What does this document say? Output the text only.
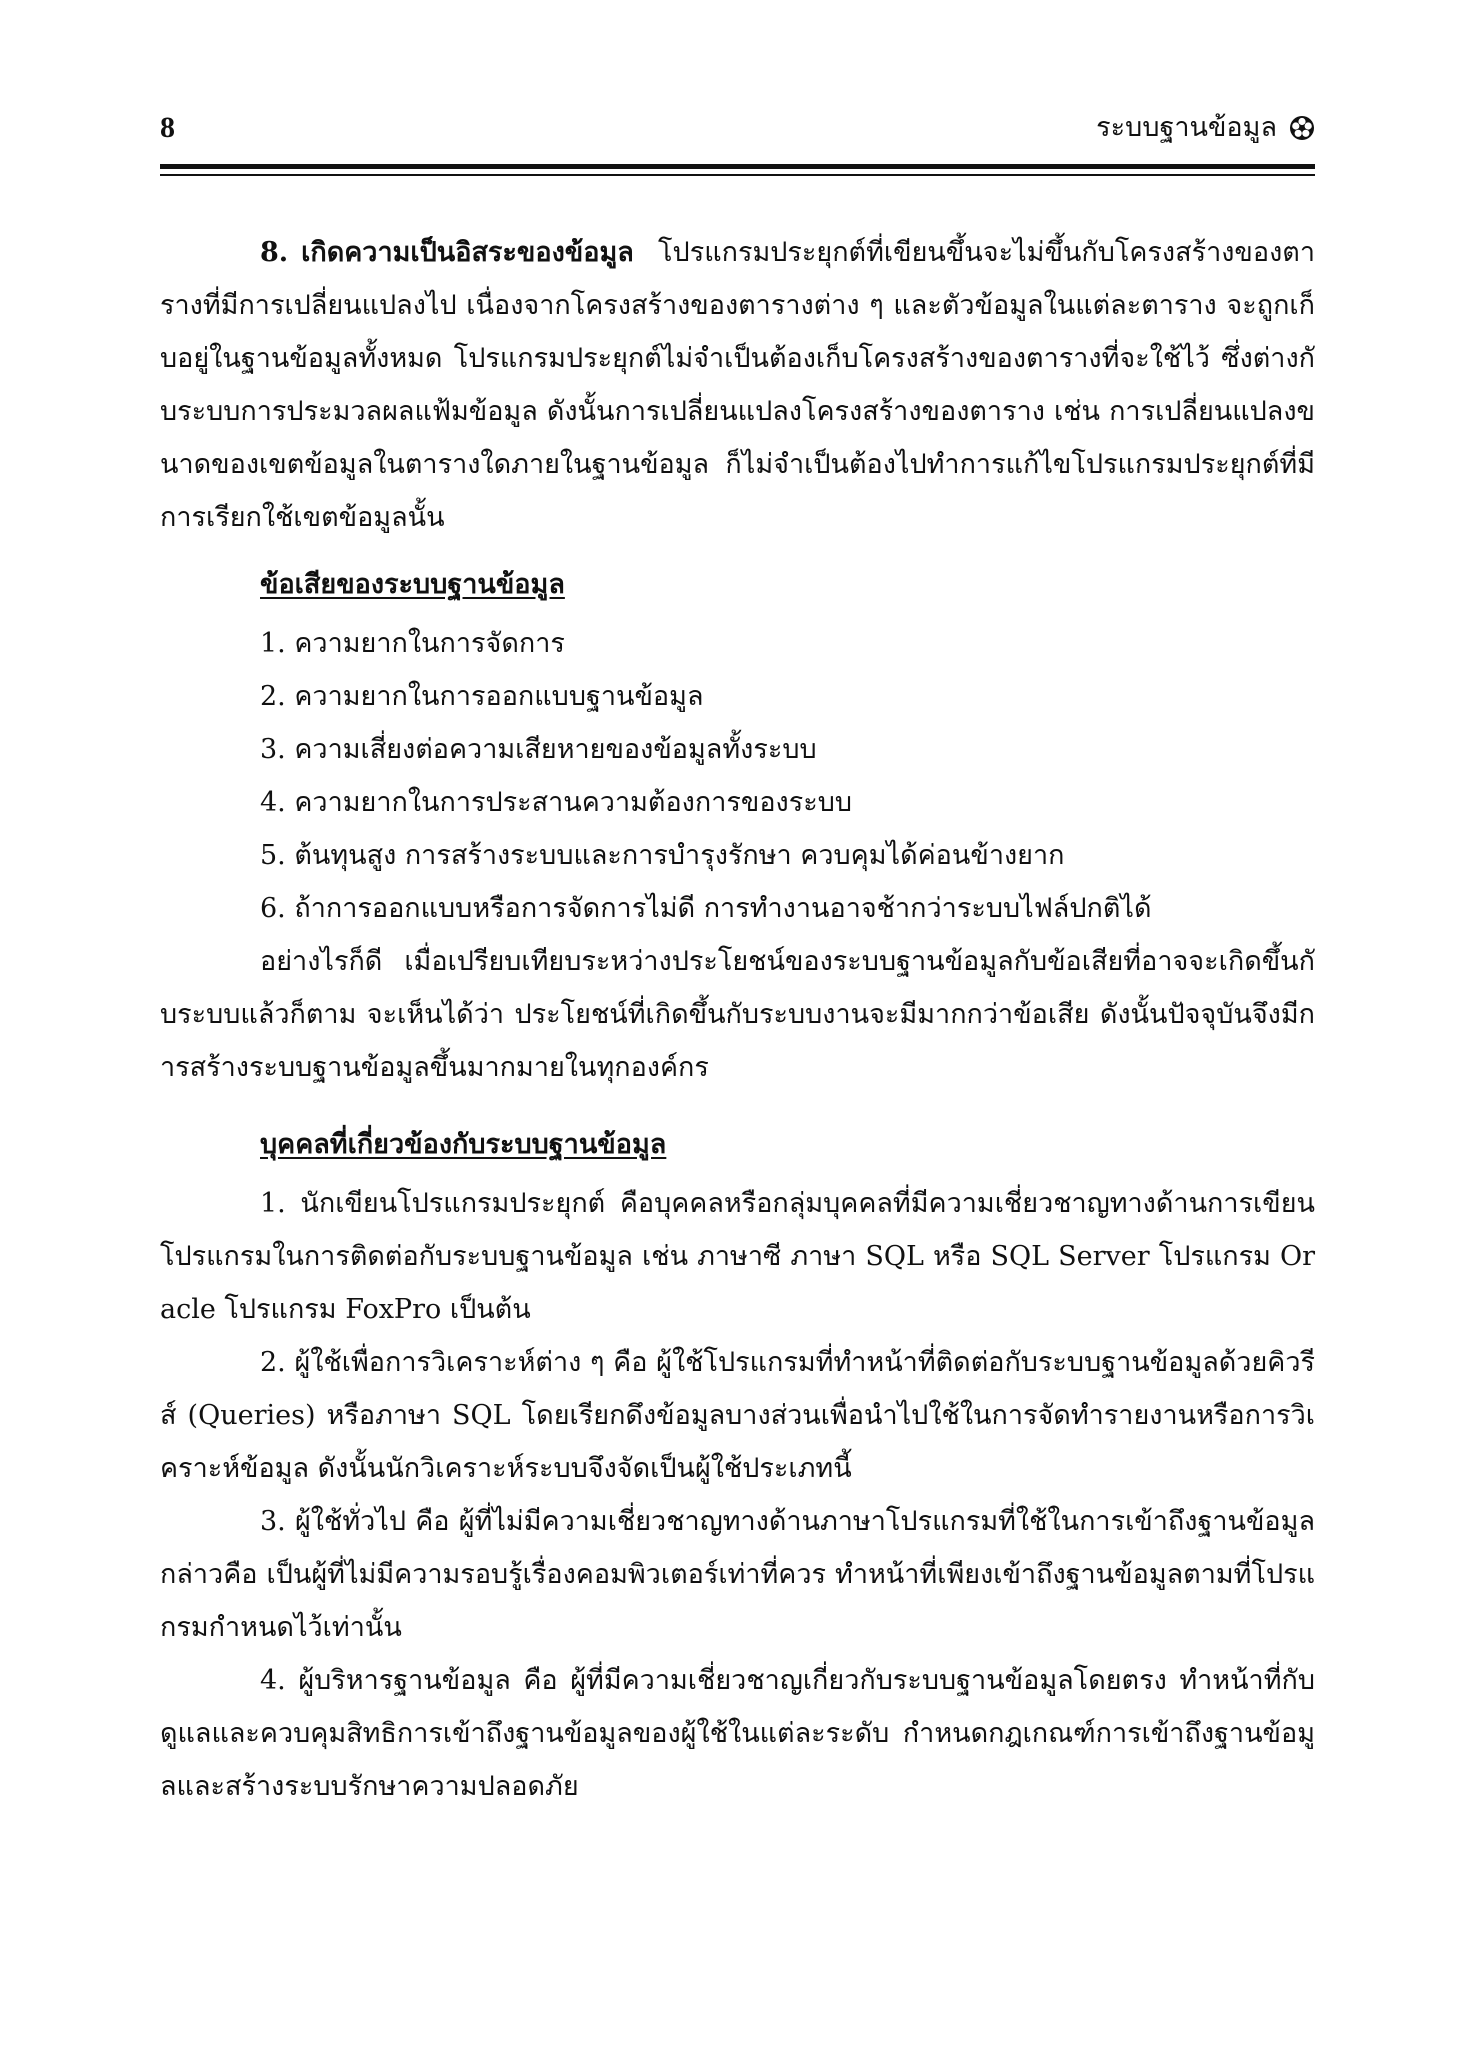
8	ระบบฐานข้อมูล

8. เกิดความเป็นอิสระของข้อมูล โปรแกรมประยุกต์ที่เขียนขึ้นจะไม่ขึ้นกับโครงสร้างของตารางที่มีการเปลี่ยนแปลงไป เนื่องจากโครงสร้างของตารางต่าง ๆ และตัวข้อมูลในแต่ละตาราง จะถูกเก็บอยู่ในฐานข้อมูลทั้งหมด โปรแกรมประยุกต์ไม่จำเป็นต้องเก็บโครงสร้างของตารางที่จะใช้ไว้ ซึ่งต่างกับระบบการประมวลผลแฟ้มข้อมูล ดังนั้นการเปลี่ยนแปลงโครงสร้างของตาราง เช่น การเปลี่ยนแปลงขนาดของเขตข้อมูลในตารางใดภายในฐานข้อมูล ก็ไม่จำเป็นต้องไปทำการแก้ไขโปรแกรมประยุกต์ที่มีการเรียกใช้เขตข้อมูลนั้น

ข้อเสียของระบบฐานข้อมูล
1. ความยากในการจัดการ
2. ความยากในการออกแบบฐานข้อมูล
3. ความเสี่ยงต่อความเสียหายของข้อมูลทั้งระบบ
4. ความยากในการประสานความต้องการของระบบ
5. ต้นทุนสูง การสร้างระบบและการบำรุงรักษา ควบคุมได้ค่อนข้างยาก
6. ถ้าการออกแบบหรือการจัดการไม่ดี การทำงานอาจช้ากว่าระบบไฟล์ปกติได้

อย่างไรก็ดี เมื่อเปรียบเทียบระหว่างประโยชน์ของระบบฐานข้อมูลกับข้อเสียที่อาจจะเกิดขึ้นกับระบบแล้วก็ตาม จะเห็นได้ว่า ประโยชน์ที่เกิดขึ้นกับระบบงานจะมีมากกว่าข้อเสีย ดังนั้นปัจจุบันจึงมีการสร้างระบบฐานข้อมูลขึ้นมากมายในทุกองค์กร

บุคคลที่เกี่ยวข้องกับระบบฐานข้อมูล

1. นักเขียนโปรแกรมประยุกต์ คือบุคคลหรือกลุ่มบุคคลที่มีความเชี่ยวชาญทางด้านการเขียนโปรแกรมในการติดต่อกับระบบฐานข้อมูล เช่น ภาษาซี ภาษา SQL หรือ SQL Server โปรแกรม Oracle โปรแกรม FoxPro เป็นต้น

2. ผู้ใช้เพื่อการวิเคราะห์ต่าง ๆ คือ ผู้ใช้โปรแกรมที่ทำหน้าที่ติดต่อกับระบบฐานข้อมูลด้วยคิวรีส์ (Queries) หรือภาษา SQL โดยเรียกดึงข้อมูลบางส่วนเพื่อนำไปใช้ในการจัดทำรายงานหรือการวิเคราะห์ข้อมูล ดังนั้นนักวิเคราะห์ระบบจึงจัดเป็นผู้ใช้ประเภทนี้

3. ผู้ใช้ทั่วไป คือ ผู้ที่ไม่มีความเชี่ยวชาญทางด้านภาษาโปรแกรมที่ใช้ในการเข้าถึงฐานข้อมูล กล่าวคือ เป็นผู้ที่ไม่มีความรอบรู้เรื่องคอมพิวเตอร์เท่าที่ควร ทำหน้าที่เพียงเข้าถึงฐานข้อมูลตามที่โปรแกรมกำหนดไว้เท่านั้น

4. ผู้บริหารฐานข้อมูล คือ ผู้ที่มีความเชี่ยวชาญเกี่ยวกับระบบฐานข้อมูลโดยตรง ทำหน้าที่กับดูแลและควบคุมสิทธิการเข้าถึงฐานข้อมูลของผู้ใช้ในแต่ละระดับ กำหนดกฎเกณฑ์การเข้าถึงฐานข้อมูลและสร้างระบบรักษาความปลอดภัย
